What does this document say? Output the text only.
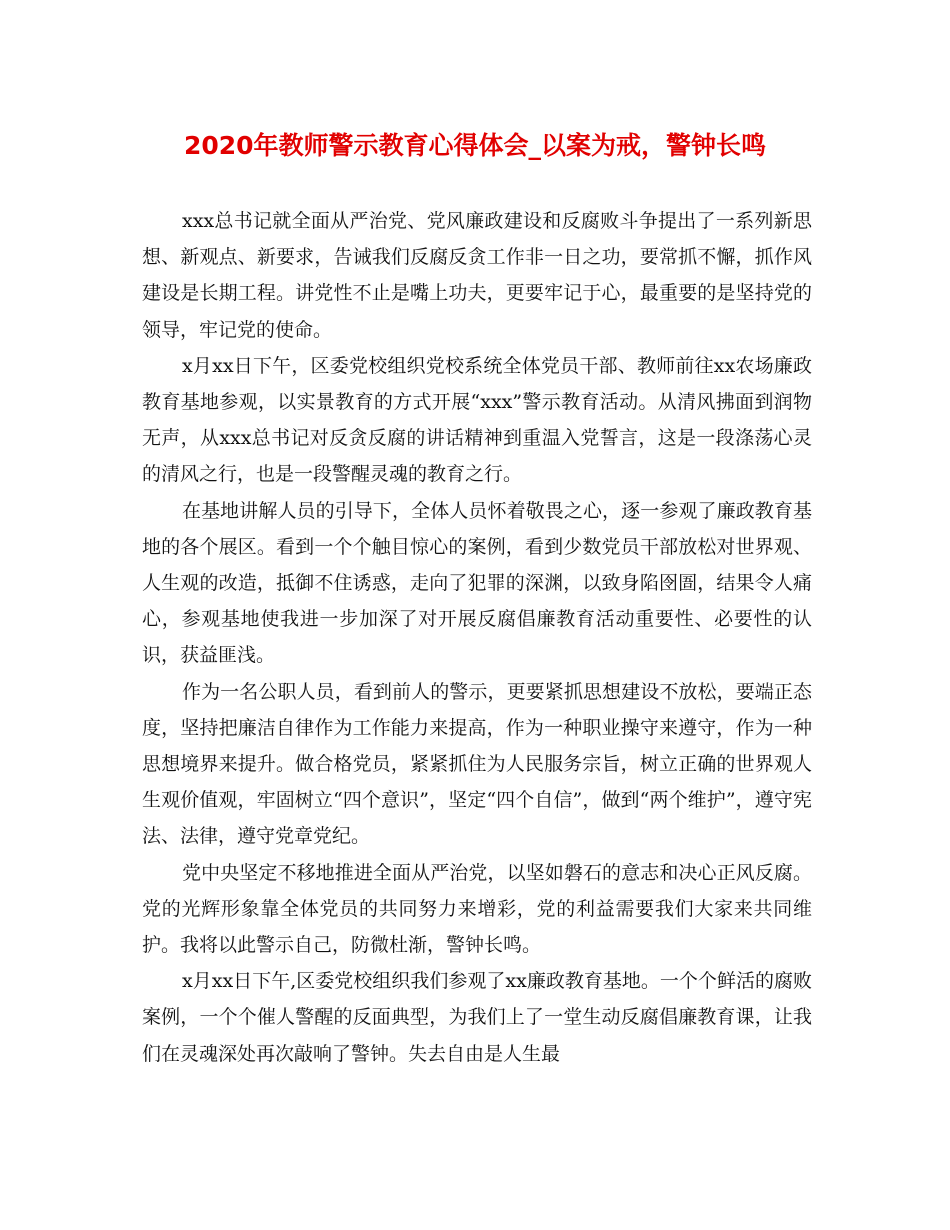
2020年教师警示教育心得体会_以案为戒，警钟长鸣

xxx总书记就全面从严治党、党风廉政建设和反腐败斗争提出了一系列新思想、新观点、新要求，告诫我们反腐反贪工作非一日之功，要常抓不懈，抓作风建设是长期工程。讲党性不止是嘴上功夫，更要牢记于心，最重要的是坚持党的领导，牢记党的使命。

x月xx日下午，区委党校组织党校系统全体党员干部、教师前往xx农场廉政教育基地参观，以实景教育的方式开展“xxx”警示教育活动。从清风拂面到润物无声，从xxx总书记对反贪反腐的讲话精神到重温入党誓言，这是一段涤荡心灵的清风之行，也是一段警醒灵魂的教育之行。

在基地讲解人员的引导下，全体人员怀着敬畏之心，逐一参观了廉政教育基地的各个展区。看到一个个触目惊心的案例，看到少数党员干部放松对世界观、人生观的改造，抵御不住诱惑，走向了犯罪的深渊，以致身陷囹圄，结果令人痛心，参观基地使我进一步加深了对开展反腐倡廉教育活动重要性、必要性的认识，获益匪浅。

作为一名公职人员，看到前人的警示，更要紧抓思想建设不放松，要端正态度，坚持把廉洁自律作为工作能力来提高，作为一种职业操守来遵守，作为一种思想境界来提升。做合格党员，紧紧抓住为人民服务宗旨，树立正确的世界观人生观价值观，牢固树立“四个意识”，坚定“四个自信”，做到“两个维护”，遵守宪法、法律，遵守党章党纪。

党中央坚定不移地推进全面从严治党，以坚如磐石的意志和决心正风反腐。党的光辉形象靠全体党员的共同努力来增彩，党的利益需要我们大家来共同维护。我将以此警示自己，防微杜渐，警钟长鸣。

x月xx日下午,区委党校组织我们参观了xx廉政教育基地。一个个鲜活的腐败案例，一个个催人警醒的反面典型，为我们上了一堂生动反腐倡廉教育课，让我们在灵魂深处再次敲响了警钟。失去自由是人生最
